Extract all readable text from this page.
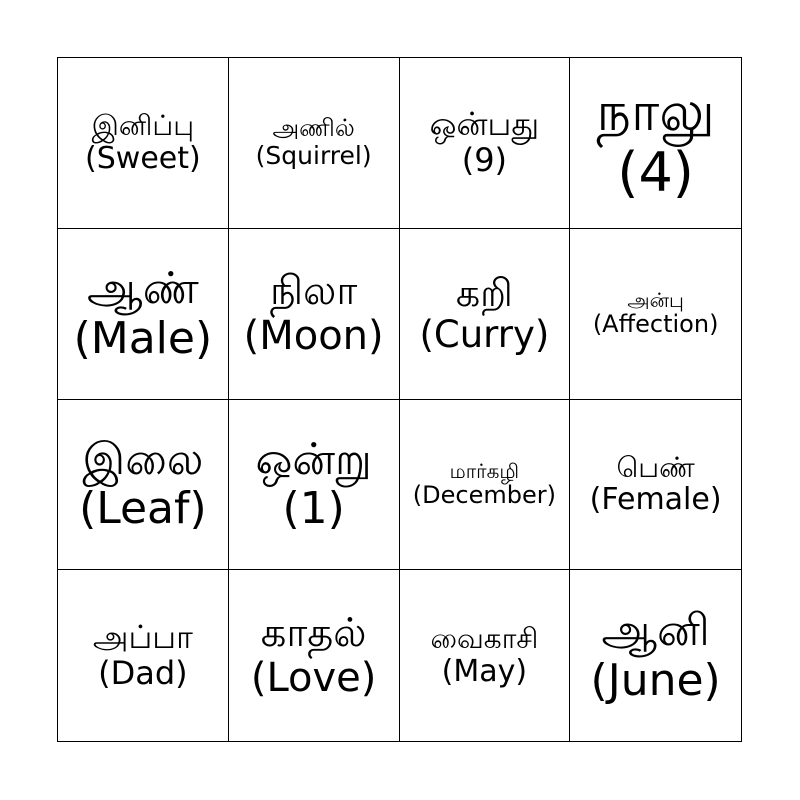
இனிப்பு
(Sweet)
அணில்
(Squirrel)
ஒன்பது
(9)
நாலு
(4)
ஆண்
(Male)
நிலா
(Moon)
கறி
(Curry)
அன்பு
(Affection)
இலை
(Leaf)
ஒன்று
(1)
மார்கழி
(December)
பெண்
(Female)
அப்பா
(Dad)
காதல்
(Love)
வைகாசி
(May)
ஆனி
(June)
